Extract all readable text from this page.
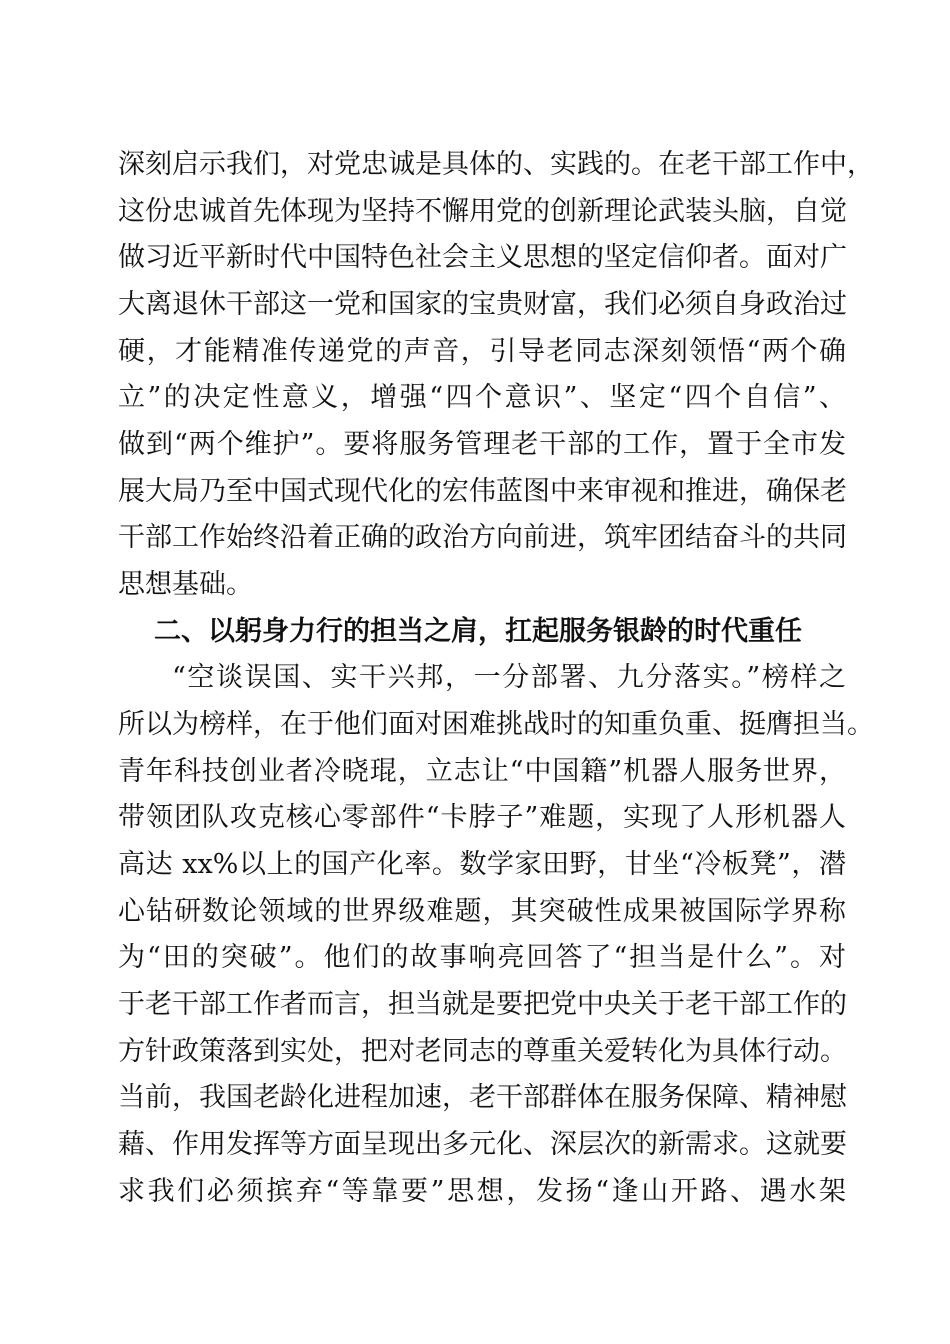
深刻启示我们，对党忠诚是具体的、实践的。在老干部工作中，
这份忠诚首先体现为坚持不懈用党的创新理论武装头脑，自觉
做习近平新时代中国特色社会主义思想的坚定信仰者。面对广
大离退休干部这一党和国家的宝贵财富，我们必须自身政治过
硬，才能精准传递党的声音，引导老同志深刻领悟“两个确
立”的决定性意义，增强“四个意识”、坚定“四个自信”、
做到“两个维护”。要将服务管理老干部的工作，置于全市发
展大局乃至中国式现代化的宏伟蓝图中来审视和推进，确保老
干部工作始终沿着正确的政治方向前进，筑牢团结奋斗的共同
思想基础。
二、以躬身力行的担当之肩，扛起服务银龄的时代重任
“空谈误国、实干兴邦，一分部署、九分落实。”榜样之
所以为榜样，在于他们面对困难挑战时的知重负重、挺膺担当。
青年科技创业者冷晓琨，立志让“中国籍”机器人服务世界，
带领团队攻克核心零部件“卡脖子”难题，实现了人形机器人
高达 xx%以上的国产化率。数学家田野，甘坐“冷板凳”，潜
心钻研数论领域的世界级难题，其突破性成果被国际学界称
为“田的突破”。他们的故事响亮回答了“担当是什么”。对
于老干部工作者而言，担当就是要把党中央关于老干部工作的
方针政策落到实处，把对老同志的尊重关爱转化为具体行动。
当前，我国老龄化进程加速，老干部群体在服务保障、精神慰
藉、作用发挥等方面呈现出多元化、深层次的新需求。这就要
求我们必须摈弃“等靠要”思想，发扬“逢山开路、遇水架
